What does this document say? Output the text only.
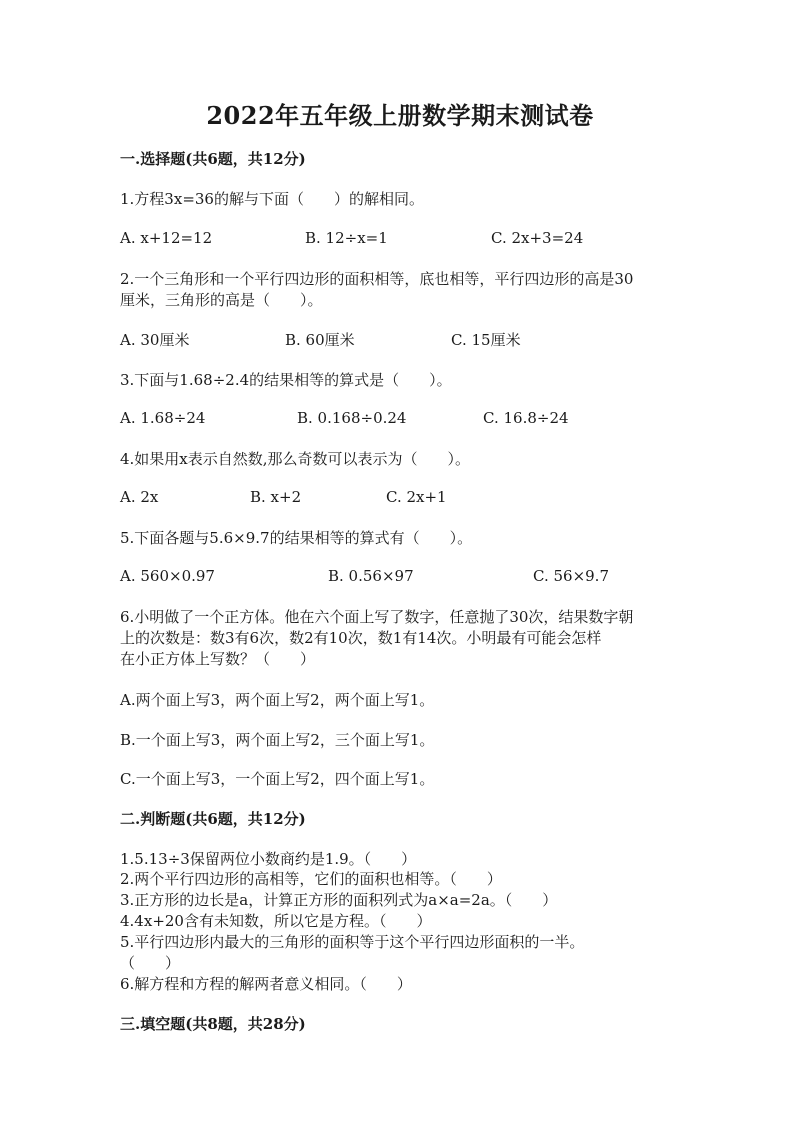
2022年五年级上册数学期末测试卷
一.选择题(共6题，共12分)
1.方程3x=36的解与下面（　　）的解相同。
A. x+12=12	B. 12÷x=1	C. 2x+3=24
2.一个三角形和一个平行四边形的面积相等，底也相等，平行四边形的高是30
厘米，三角形的高是（　　）。
A. 30厘米	B. 60厘米	C. 15厘米
3.下面与1.68÷2.4的结果相等的算式是（　　）。
A. 1.68÷24	B. 0.168÷0.24	C. 16.8÷24
4.如果用x表示自然数,那么奇数可以表示为（　　）。
A. 2x	B. x+2	C. 2x+1
5.下面各题与5.6×9.7的结果相等的算式有（　　）。
A. 560×0.97	B. 0.56×97	C. 56×9.7
6.小明做了一个正方体。他在六个面上写了数字，任意抛了30次，结果数字朝
上的次数是：数3有6次，数2有10次，数1有14次。小明最有可能会怎样
在小正方体上写数？（　　）
A.两个面上写3，两个面上写2，两个面上写1。
B.一个面上写3，两个面上写2，三个面上写1。
C.一个面上写3，一个面上写2，四个面上写1。
二.判断题(共6题，共12分)
1.5.13÷3保留两位小数商约是1.9。（　　）
2.两个平行四边形的高相等，它们的面积也相等。（　　）
3.正方形的边长是a，计算正方形的面积列式为a×a=2a。（　　）
4.4x+20含有未知数，所以它是方程。（　　）
5.平行四边形内最大的三角形的面积等于这个平行四边形面积的一半。
（　　）
6.解方程和方程的解两者意义相同。（　　）
三.填空题(共8题，共28分)
